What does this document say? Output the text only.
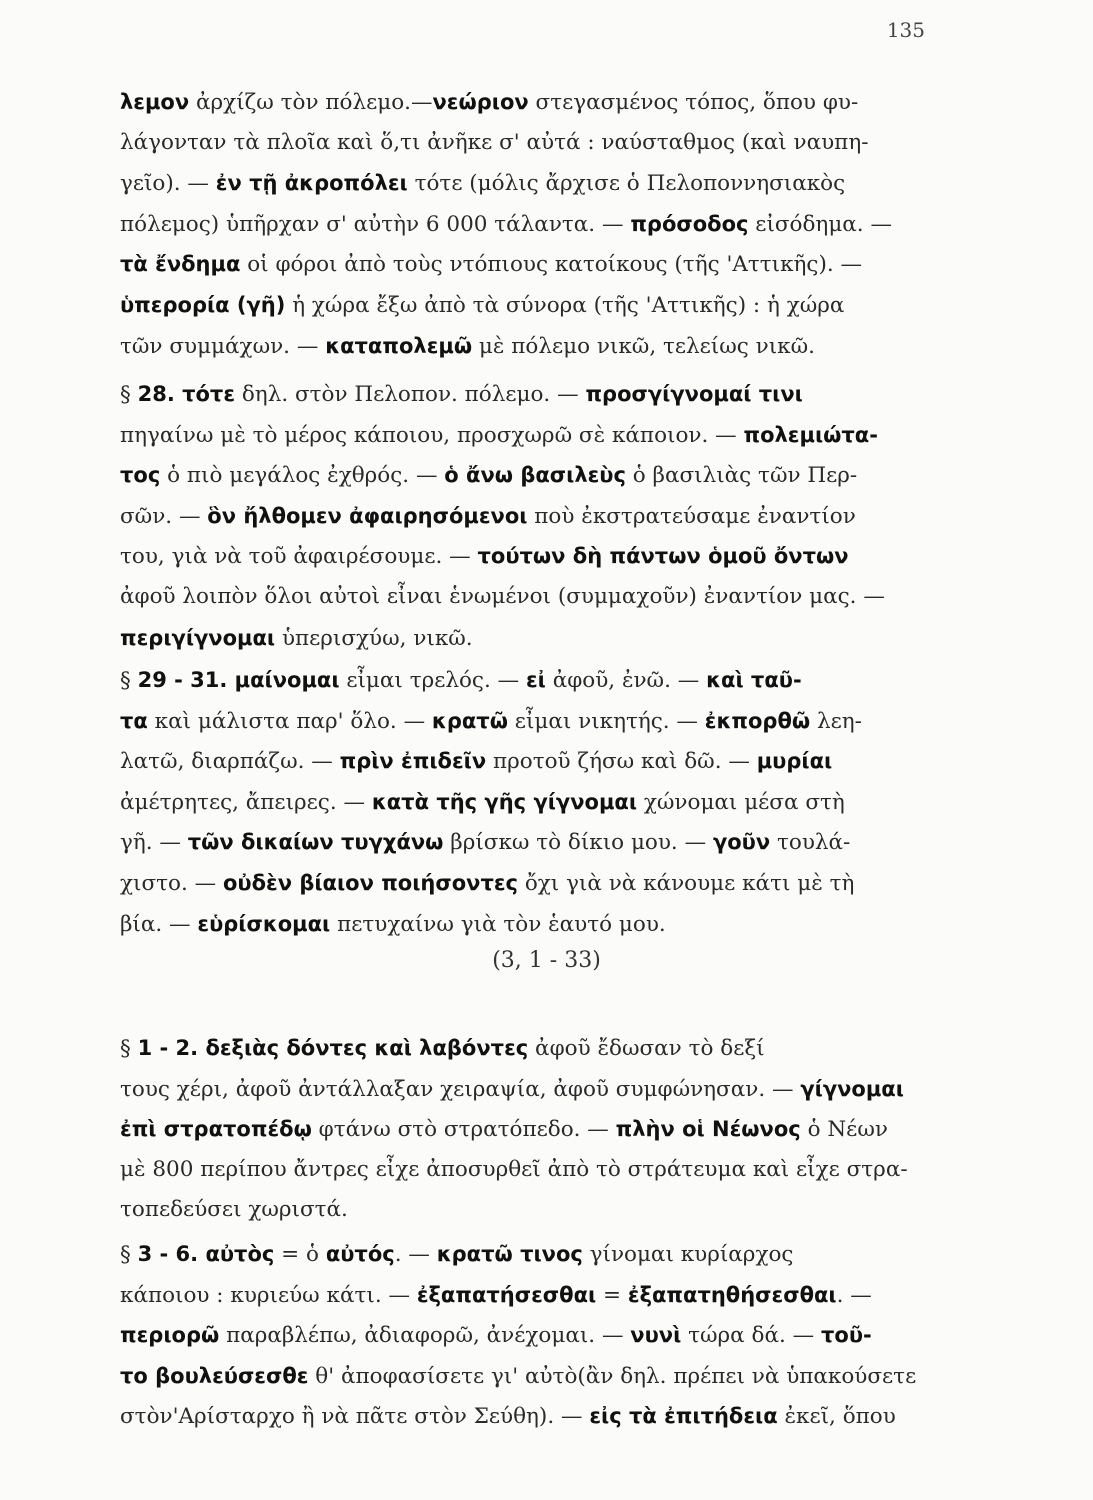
135
λεμον ἀρχίζω τὸν πόλεμο.—νεώριον στεγασμένος τόπος, ὅπου φυ-
λάγονταν τὰ πλοῖα καὶ ὅ,τι ἀνῆκε σ' αὐτά : ναύσταθμος (καὶ ναυπη-
γεῖο). — ἐν τῇ ἀκροπόλει τότε (μόλις ἄρχισε ὁ Πελοποννησιακὸς
πόλεμος) ὑπῆρχαν σ' αὐτὴν 6 000 τάλαντα. — πρόσοδος εἰσόδημα. —
τὰ ἔνδημα οἱ φόροι ἀπὸ τοὺς ντόπιους κατοίκους (τῆς 'Αττικῆς). —
ὑπερορία (γῆ) ἡ χώρα ἔξω ἀπὸ τὰ σύνορα (τῆς 'Αττικῆς) : ἡ χώρα
τῶν συμμάχων. — καταπολεμῶ μὲ πόλεμο νικῶ, τελείως νικῶ.
§ 28. τότε δηλ. στὸν Πελοπον. πόλεμο. — προσγίγνομαί τινι
πηγαίνω μὲ τὸ μέρος κάποιου, προσχωρῶ σὲ κάποιον. — πολεμιώτα-
τος ὁ πιὸ μεγάλος ἐχθρός. — ὁ ἄνω βασιλεὺς ὁ βασιλιὰς τῶν Περ-
σῶν. — ὃν ἤλθομεν ἀφαιρησόμενοι ποὺ ἐκστρατεύσαμε ἐναντίον
του, γιὰ νὰ τοῦ ἀφαιρέσουμε. — τούτων δὴ πάντων ὁμοῦ ὄντων
ἀφοῦ λοιπὸν ὅλοι αὐτοὶ εἶναι ἑνωμένοι (συμμαχοῦν) ἐναντίον μας. —
περιγίγνομαι ὑπερισχύω, νικῶ.
§ 29 - 31. μαίνομαι εἶμαι τρελός. — εἰ ἀφοῦ, ἐνῶ. — καὶ ταῦ-
τα καὶ μάλιστα παρ' ὅλο. — κρατῶ εἶμαι νικητής. — ἐκπορθῶ λεη-
λατῶ, διαρπάζω. — πρὶν ἐπιδεῖν προτοῦ ζήσω καὶ δῶ. — μυρίαι
ἀμέτρητες, ἄπειρες. — κατὰ τῆς γῆς γίγνομαι χώνομαι μέσα στὴ
γῆ. — τῶν δικαίων τυγχάνω βρίσκω τὸ δίκιο μου. — γοῦν τουλά-
χιστο. — οὐδὲν βίαιον ποιήσοντες ὄχι γιὰ νὰ κάνουμε κάτι μὲ τὴ
βία. — εὑρίσκομαι πετυχαίνω γιὰ τὸν ἑαυτό μου.
(3, 1 - 33)
§ 1 - 2. δεξιὰς δόντες καὶ λαβόντες ἀφοῦ ἔδωσαν τὸ δεξί
τους χέρι, ἀφοῦ ἀντάλλαξαν χειραψία, ἀφοῦ συμφώνησαν. — γίγνομαι
ἐπὶ στρατοπέδῳ φτάνω στὸ στρατόπεδο. — πλὴν οἱ Νέωνος ὁ Νέων
μὲ 800 περίπου ἄντρες εἶχε ἀποσυρθεῖ ἀπὸ τὸ στράτευμα καὶ εἶχε στρα-
τοπεδεύσει χωριστά.
§ 3 - 6. αὐτὸς = ὁ αὐτός. — κρατῶ τινος γίνομαι κυρίαρχος
κάποιου : κυριεύω κάτι. — ἐξαπατήσεσθαι = ἐξαπατηθήσεσθαι. —
περιορῶ παραβλέπω, ἀδιαφορῶ, ἀνέχομαι. — νυνὶ τώρα δά. — τοῦ-
το βουλεύσεσθε θ' ἀποφασίσετε γι' αὐτὸ(ἂν δηλ. πρέπει νὰ ὑπακούσετε
στὸν'Αρίσταρχο ἢ νὰ πᾶτε στὸν Σεύθη). — εἰς τὰ ἐπιτήδεια ἐκεῖ, ὅπου
